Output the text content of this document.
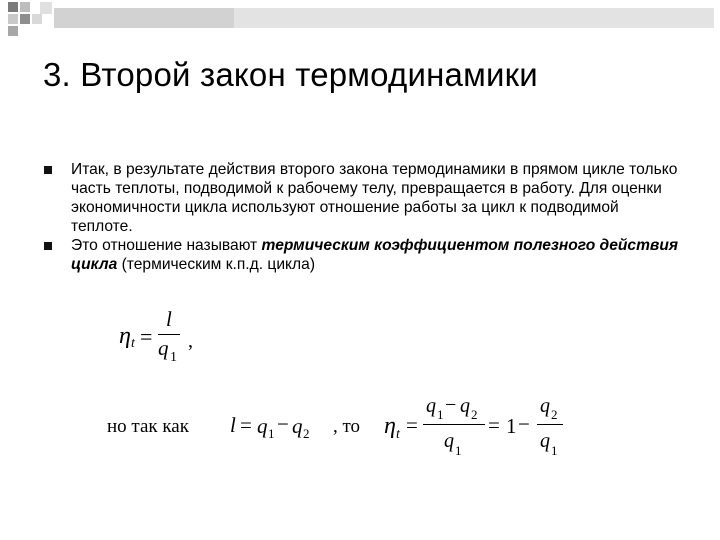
3. Второй закон термодинамики
Итак, в результате действия второго закона термодинамики в прямом цикле только часть теплоты, подводимой к рабочему телу, превращается в работу. Для оценки экономичности цикла используют отношение работы за цикл к подводимой теплоте.
Это отношение называют термическим коэффициентом полезного действия цикла (термическим к.п.д. цикла)
η t =
l
q 1
,
но так как l = q 1 − q 2 , то η t =
q 1 − q 2
q 1
= 1 −
q 2
q 1
